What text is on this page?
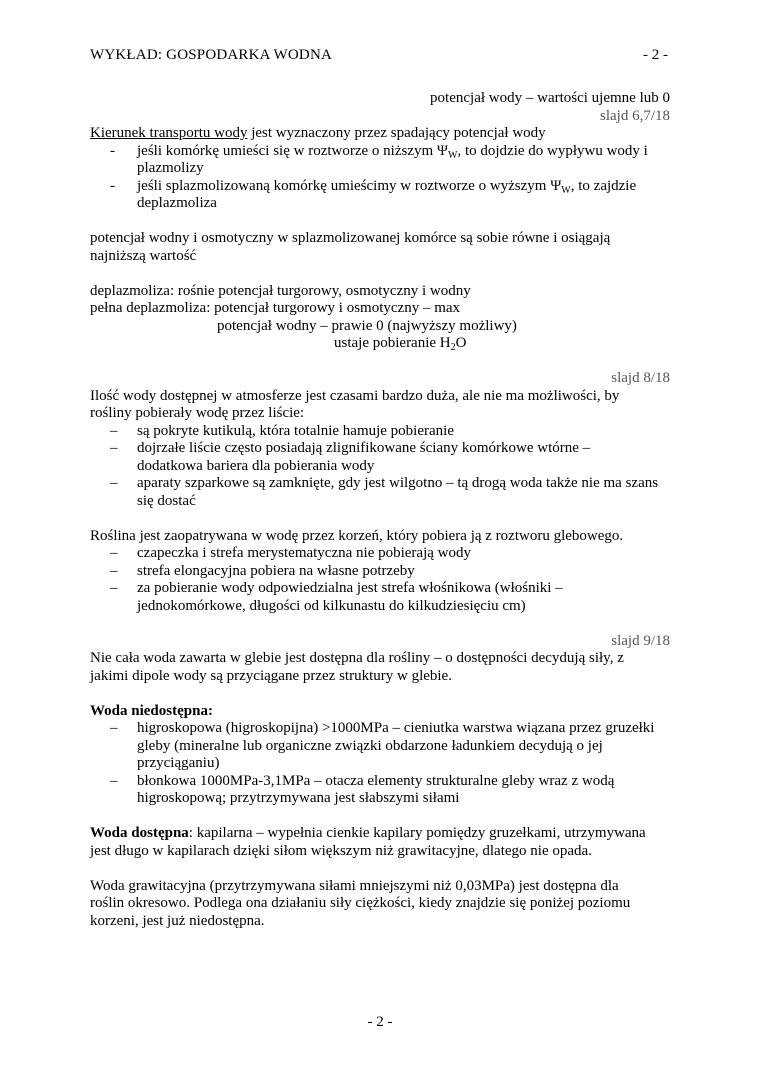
WYKŁAD: GOSPODARKA WODNA	- 2 -
potencjał wody – wartości ujemne lub 0
slajd 6,7/18
Kierunek transportu wody jest wyznaczony przez spadający potencjał wody
- jeśli komórkę umieści się w roztworze o niższym $\Psi_W$, to dojdzie do wypływu wody i
plazmolizy
- jeśli splazmolizowaną komórkę umieścimy w roztworze o wyższym $\Psi_W$, to zajdzie
deplazmoliza
potencjał wodny i osmotyczny w splazmolizowanej komórce są sobie równe i osiągają
najniższą wartość
deplazmoliza: rośnie potencjał turgorowy, osmotyczny i wodny
pełna deplazmoliza: potencjał turgorowy i osmotyczny – max
potencjał wodny – prawie 0 (najwyższy możliwy)
ustaje pobieranie $H_2O$
slajd 8/18
Ilość wody dostępnej w atmosferze jest czasami bardzo duża, ale nie ma możliwości, by
rośliny pobierały wodę przez liście:
– są pokryte kutikulą, która totalnie hamuje pobieranie
– dojrzałe liście często posiadają zlignifikowane ściany komórkowe wtórne –
dodatkowa bariera dla pobierania wody
– aparaty szparkowe są zamknięte, gdy jest wilgotno – tą drogą woda także nie ma szans
się dostać
Roślina jest zaopatrywana w wodę przez korzeń, który pobiera ją z roztworu glebowego.
– czapeczka i strefa merystematyczna nie pobierają wody
– strefa elongacyjna pobiera na własne potrzeby
– za pobieranie wody odpowiedzialna jest strefa włośnikowa (włośniki –
jednokomórkowe, długości od kilkunastu do kilkudziesięciu cm)
slajd 9/18
Nie cała woda zawarta w glebie jest dostępna dla rośliny – o dostępności decydują siły, z
jakimi dipole wody są przyciągane przez struktury w glebie.
Woda niedostępna:
– higroskopowa (higroskopijna) >1000MPa – cieniutka warstwa wiązana przez gruzełki
gleby (mineralne lub organiczne związki obdarzone ładunkiem decydują o jej
przyciąganiu)
– błonkowa 1000MPa-3,1MPa – otacza elementy strukturalne gleby wraz z wodą
higroskopową; przytrzymywana jest słabszymi siłami
Woda dostępna: kapilarna – wypełnia cienkie kapilary pomiędzy gruzełkami, utrzymywana
jest długo w kapilarach dzięki siłom większym niż grawitacyjne, dlatego nie opada.
Woda grawitacyjna (przytrzymywana siłami mniejszymi niż 0,03MPa) jest dostępna dla
roślin okresowo. Podlega ona działaniu siły ciężkości, kiedy znajdzie się poniżej poziomu
korzeni, jest już niedostępna.
- 2 -
